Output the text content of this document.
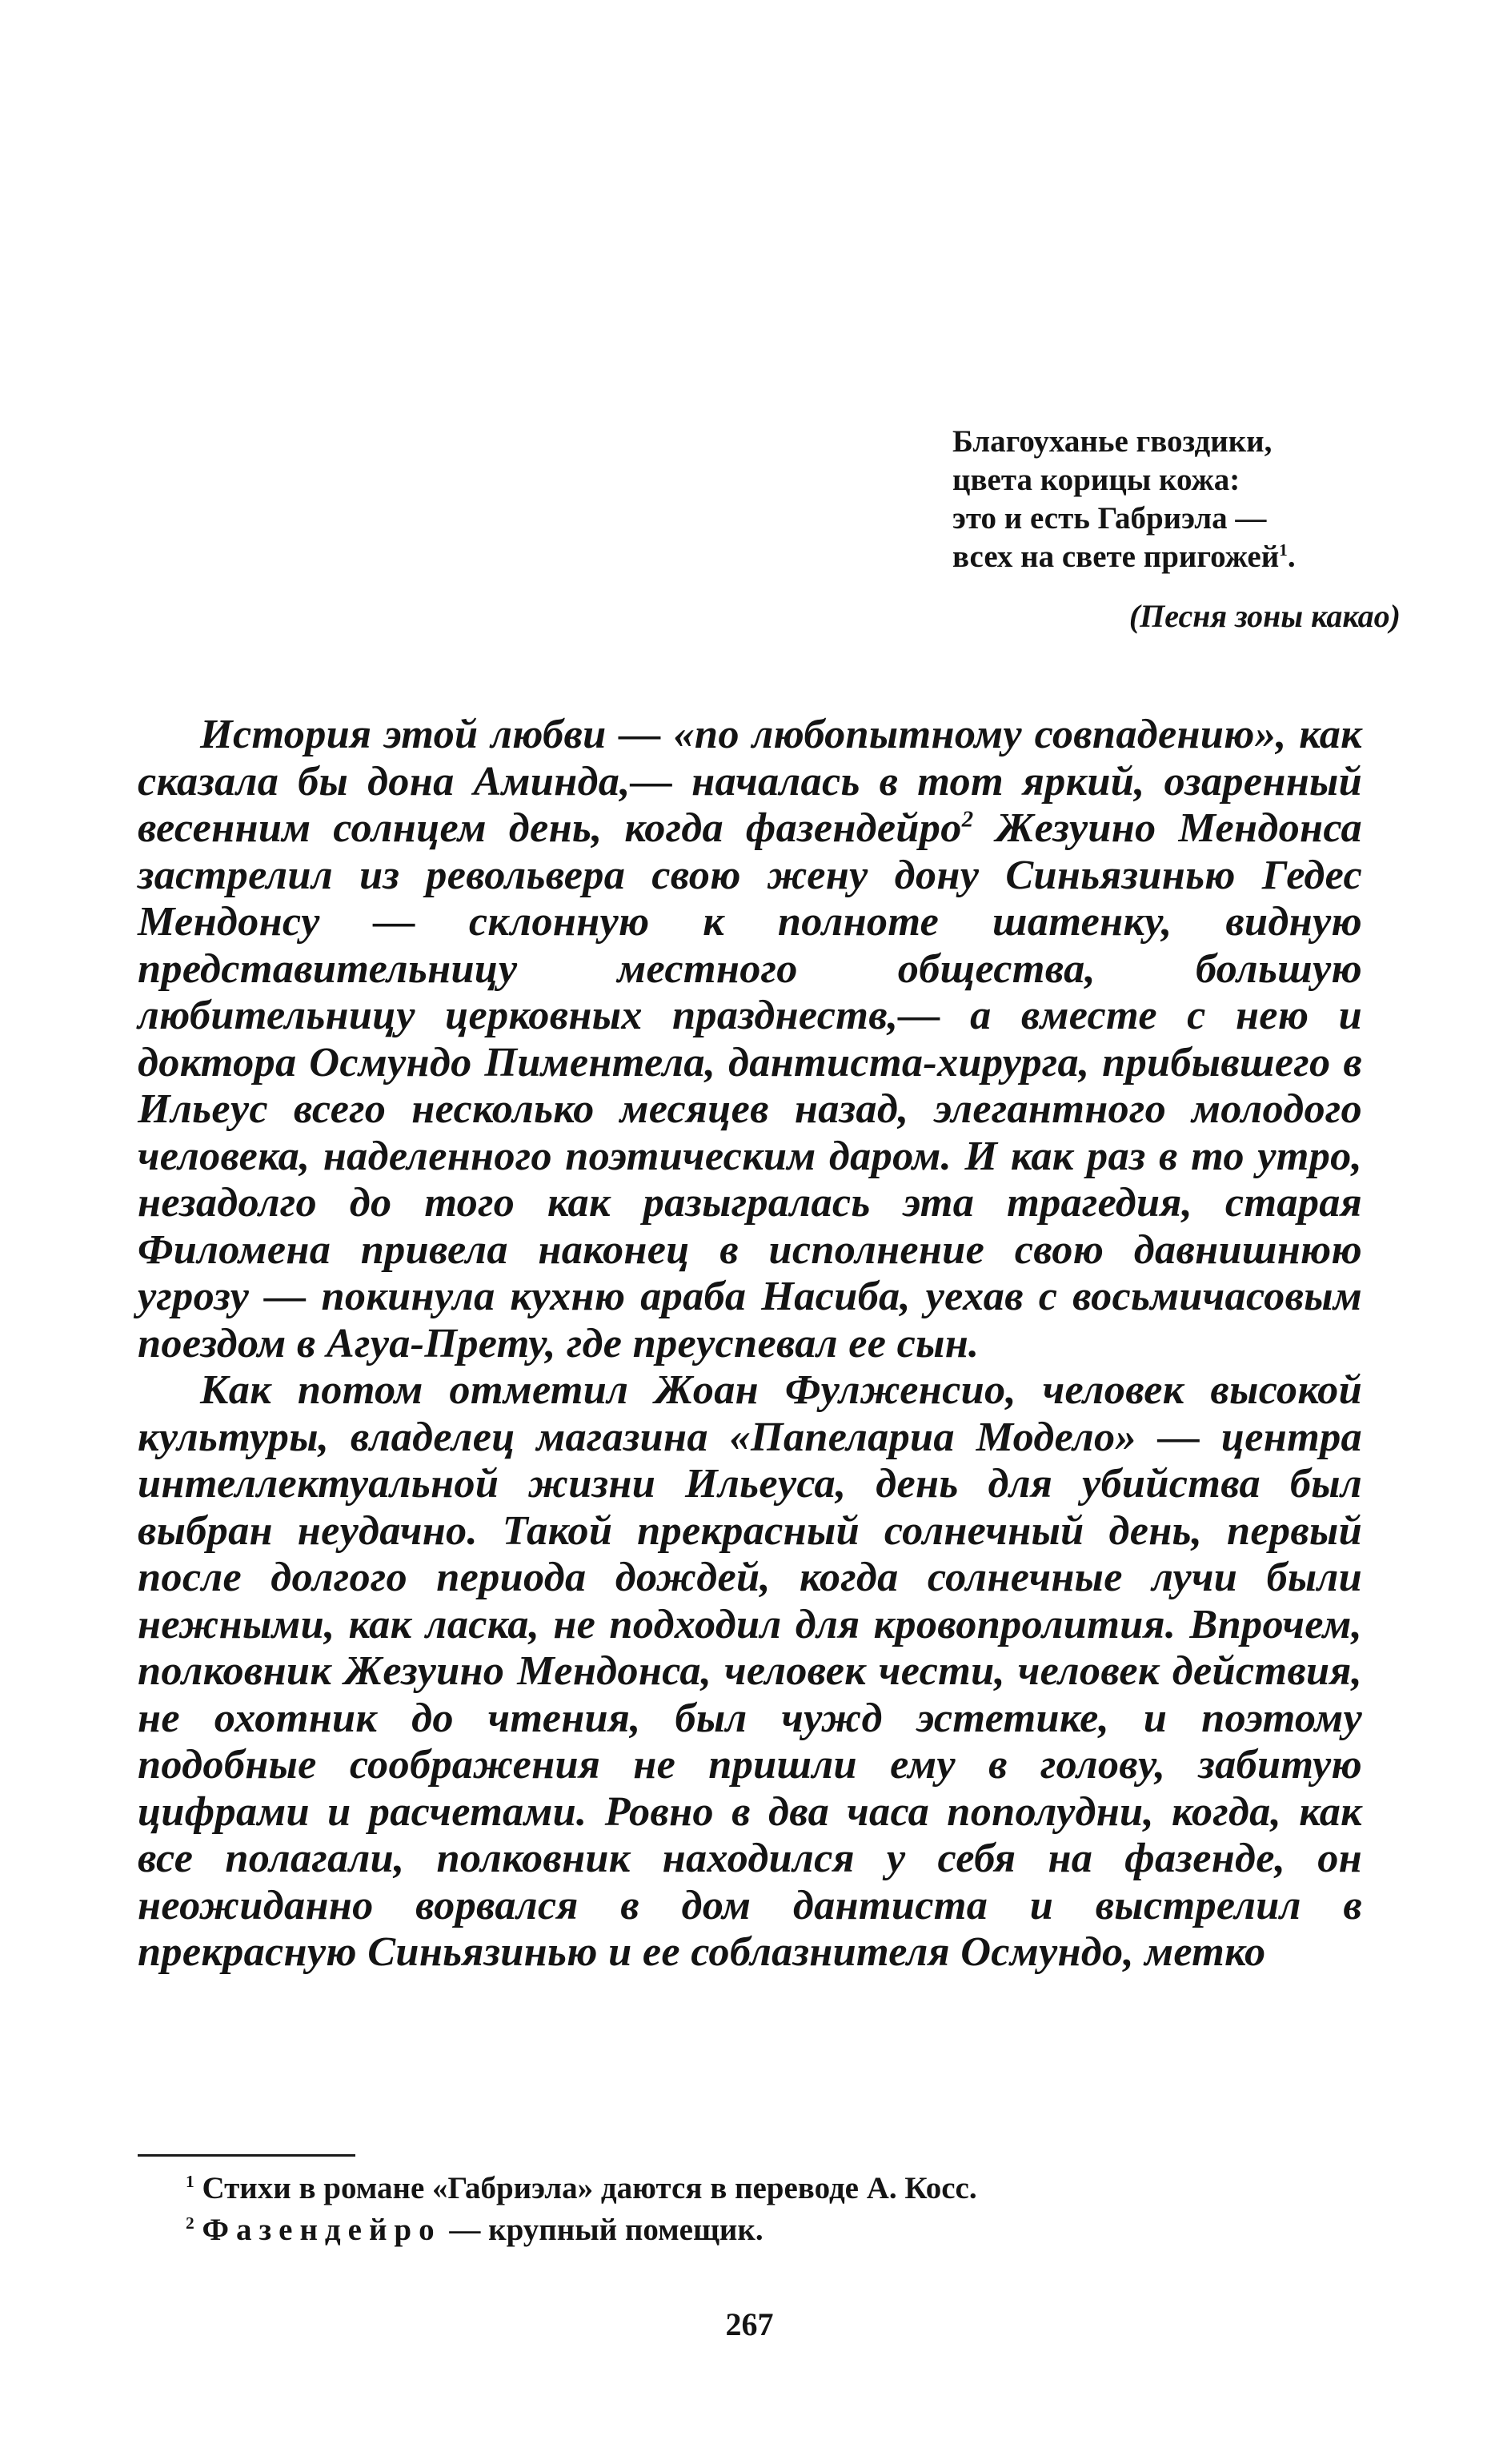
Благоуханье гвоздики,
цвета корицы кожа:
это и есть Габриэла —
всех на свете пригожей$^1$.
(Песня зоны какао)

История этой любви — «по любопытному совпадению», как сказала бы дона Аминда,— началась в тот яркий, озаренный весенним солнцем день, когда фазендейро$^2$ Жезуино Мендонса застрелил из револьвера свою жену дону Синьязинью Гедес Мендонсу — склонную к полноте шатенку, видную представительницу местного общества, большую любительницу церковных празднеств,— а вместе с нею и доктора Осмундо Пиментела, дантиста-хирурга, прибывшего в Ильеус всего несколько месяцев назад, элегантного молодого человека, наделенного поэтическим даром. И как раз в то утро, незадолго до того как разыгралась эта трагедия, старая Филомена привела наконец в исполнение свою давнишнюю угрозу — покинула кухню араба Насиба, уехав с восьмичасовым поездом в Агуа-Прету, где преуспевал ее сын.

Как потом отметил Жоан Фулженсио, человек высокой культуры, владелец магазина «Папелариа Модело» — центра интеллектуальной жизни Ильеуса, день для убийства был выбран неудачно. Такой прекрасный солнечный день, первый после долгого периода дождей, когда солнечные лучи были нежными, как ласка, не подходил для кровопролития. Впрочем, полковник Жезуино Мендонса, человек чести, человек действия, не охотник до чтения, был чужд эстетике, и поэтому подобные соображения не пришли ему в голову, забитую цифрами и расчетами. Ровно в два часа пополудни, когда, как все полагали, полковник находился у себя на фазенде, он неожиданно ворвался в дом дантиста и выстрелил в прекрасную Синьязинью и ее соблазнителя Осмундо, метко

$^1$ Стихи в романе «Габриэла» даются в переводе А. Косс.
$^2$ Фазендейро — крупный помещик.
267
